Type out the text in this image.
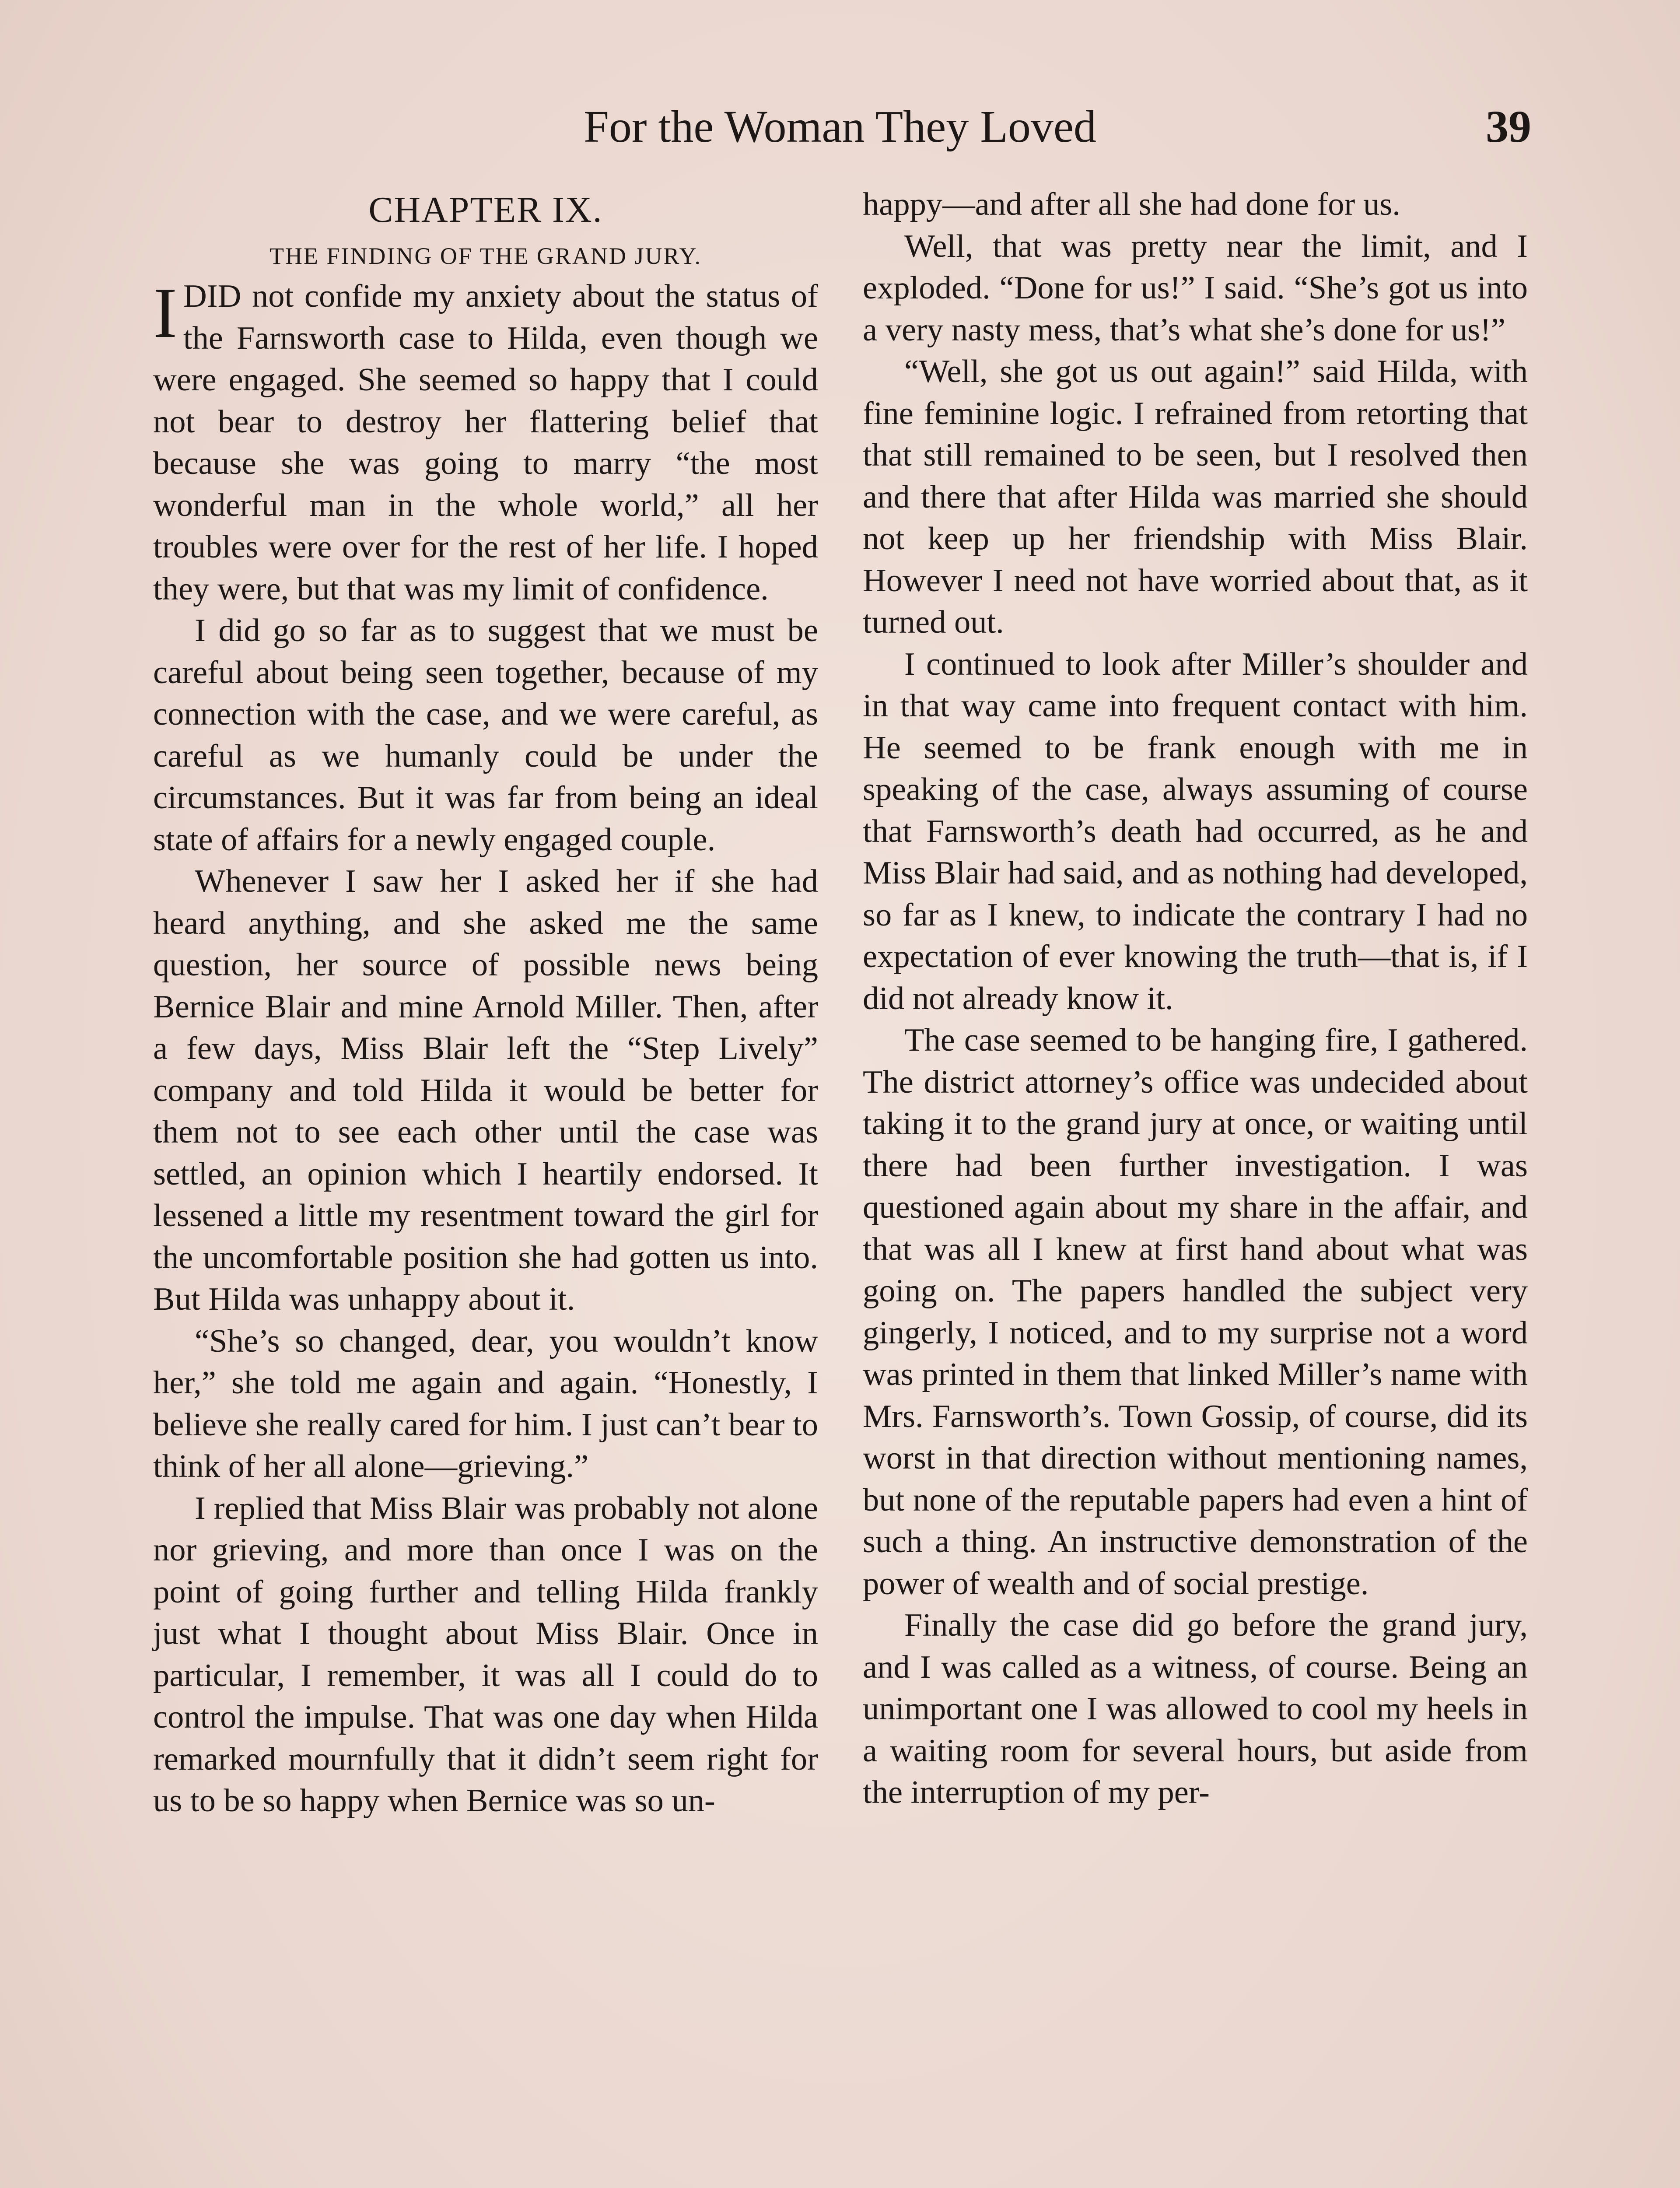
For the Woman They Loved	39

CHAPTER IX.

THE FINDING OF THE GRAND JURY.

I DID not confide my anxiety about the status of the Farnsworth case to Hilda, even though we were engaged. She seemed so happy that I could not bear to destroy her flattering belief that because she was going to marry “the most wonderful man in the whole world,” all her troubles were over for the rest of her life. I hoped they were, but that was my limit of confidence.

I did go so far as to suggest that we must be careful about being seen together, because of my connection with the case, and we were careful, as careful as we humanly could be under the circumstances. But it was far from being an ideal state of affairs for a newly engaged couple.

Whenever I saw her I asked her if she had heard anything, and she asked me the same question, her source of possible news being Bernice Blair and mine Arnold Miller. Then, after a few days, Miss Blair left the “Step Lively” company and told Hilda it would be better for them not to see each other until the case was settled, an opinion which I heartily endorsed. It lessened a little my resentment toward the girl for the uncomfortable position she had gotten us into. But Hilda was unhappy about it.

“She’s so changed, dear, you wouldn’t know her,” she told me again and again. “Honestly, I believe she really cared for him. I just can’t bear to think of her all alone—grieving.”

I replied that Miss Blair was probably not alone nor grieving, and more than once I was on the point of going further and telling Hilda frankly just what I thought about Miss Blair. Once in particular, I remember, it was all I could do to control the impulse. That was one day when Hilda remarked mournfully that it didn’t seem right for us to be so happy when Bernice was so un-

happy—and after all she had done for us.

Well, that was pretty near the limit, and I exploded. “Done for us!” I said. “She’s got us into a very nasty mess, that’s what she’s done for us!”

“Well, she got us out again!” said Hilda, with fine feminine logic. I refrained from retorting that that still remained to be seen, but I resolved then and there that after Hilda was married she should not keep up her friendship with Miss Blair. However I need not have worried about that, as it turned out.

I continued to look after Miller’s shoulder and in that way came into frequent contact with him. He seemed to be frank enough with me in speaking of the case, always assuming of course that Farnsworth’s death had occurred, as he and Miss Blair had said, and as nothing had developed, so far as I knew, to indicate the contrary I had no expectation of ever knowing the truth—that is, if I did not already know it.

The case seemed to be hanging fire, I gathered. The district attorney’s office was undecided about taking it to the grand jury at once, or waiting until there had been further investigation. I was questioned again about my share in the affair, and that was all I knew at first hand about what was going on. The papers handled the subject very gingerly, I noticed, and to my surprise not a word was printed in them that linked Miller’s name with Mrs. Farnsworth’s. Town Gossip, of course, did its worst in that direction without mentioning names, but none of the reputable papers had even a hint of such a thing. An instructive demonstration of the power of wealth and of social prestige.

Finally the case did go before the grand jury, and I was called as a witness, of course. Being an unimportant one I was allowed to cool my heels in a waiting room for several hours, but aside from the interruption of my per-
